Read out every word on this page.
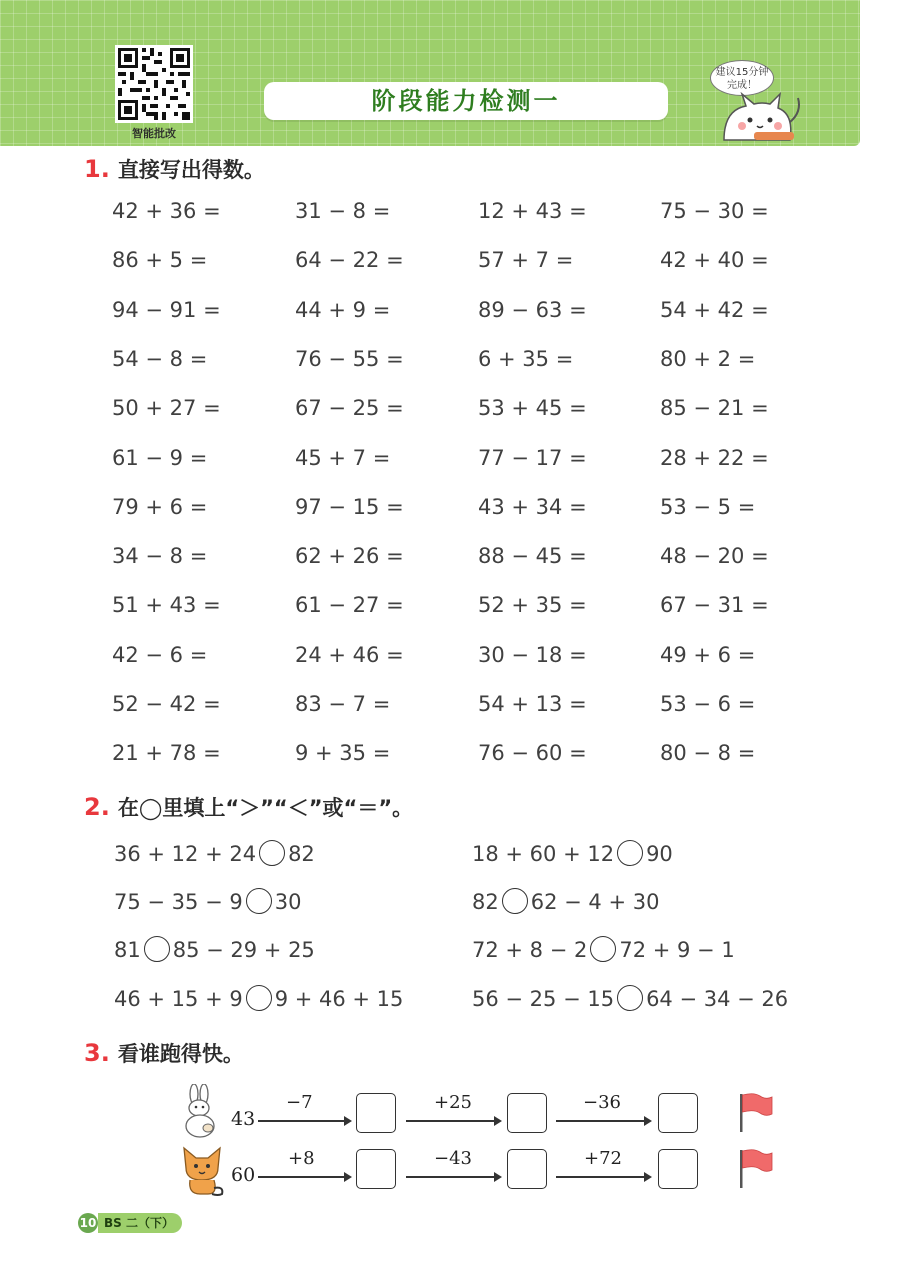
智能批改
阶段能力检测一
建议15分钟
完成！
1. 直接写出得数。
42 + 36 =	31 − 8 =	12 + 43 =	75 − 30 =
86 + 5 =	64 − 22 =	57 + 7 =	42 + 40 =
94 − 91 =	44 + 9 =	89 − 63 =	54 + 42 =
54 − 8 =	76 − 55 =	6 + 35 =	80 + 2 =
50 + 27 =	67 − 25 =	53 + 45 =	85 − 21 =
61 − 9 =	45 + 7 =	77 − 17 =	28 + 22 =
79 + 6 =	97 − 15 =	43 + 34 =	53 − 5 =
34 − 8 =	62 + 26 =	88 − 45 =	48 − 20 =
51 + 43 =	61 − 27 =	52 + 35 =	67 − 31 =
42 − 6 =	24 + 46 =	30 − 18 =	49 + 6 =
52 − 42 =	83 − 7 =	54 + 13 =	53 − 6 =
21 + 78 =	9 + 35 =	76 − 60 =	80 − 8 =
2. 在◯里填上“＞”“＜”或“＝”。
36 + 12 + 24 82	18 + 60 + 12 90
75 − 35 − 9 30	82 62 − 4 + 30
81 85 − 29 + 25	72 + 8 − 2 72 + 9 − 1
46 + 15 + 9 9 + 46 + 15	56 − 25 − 15 64 − 34 − 26
3. 看谁跑得快。
43
−7	+25	−36
60
+8	−43	+72
10 BS 二（下）
